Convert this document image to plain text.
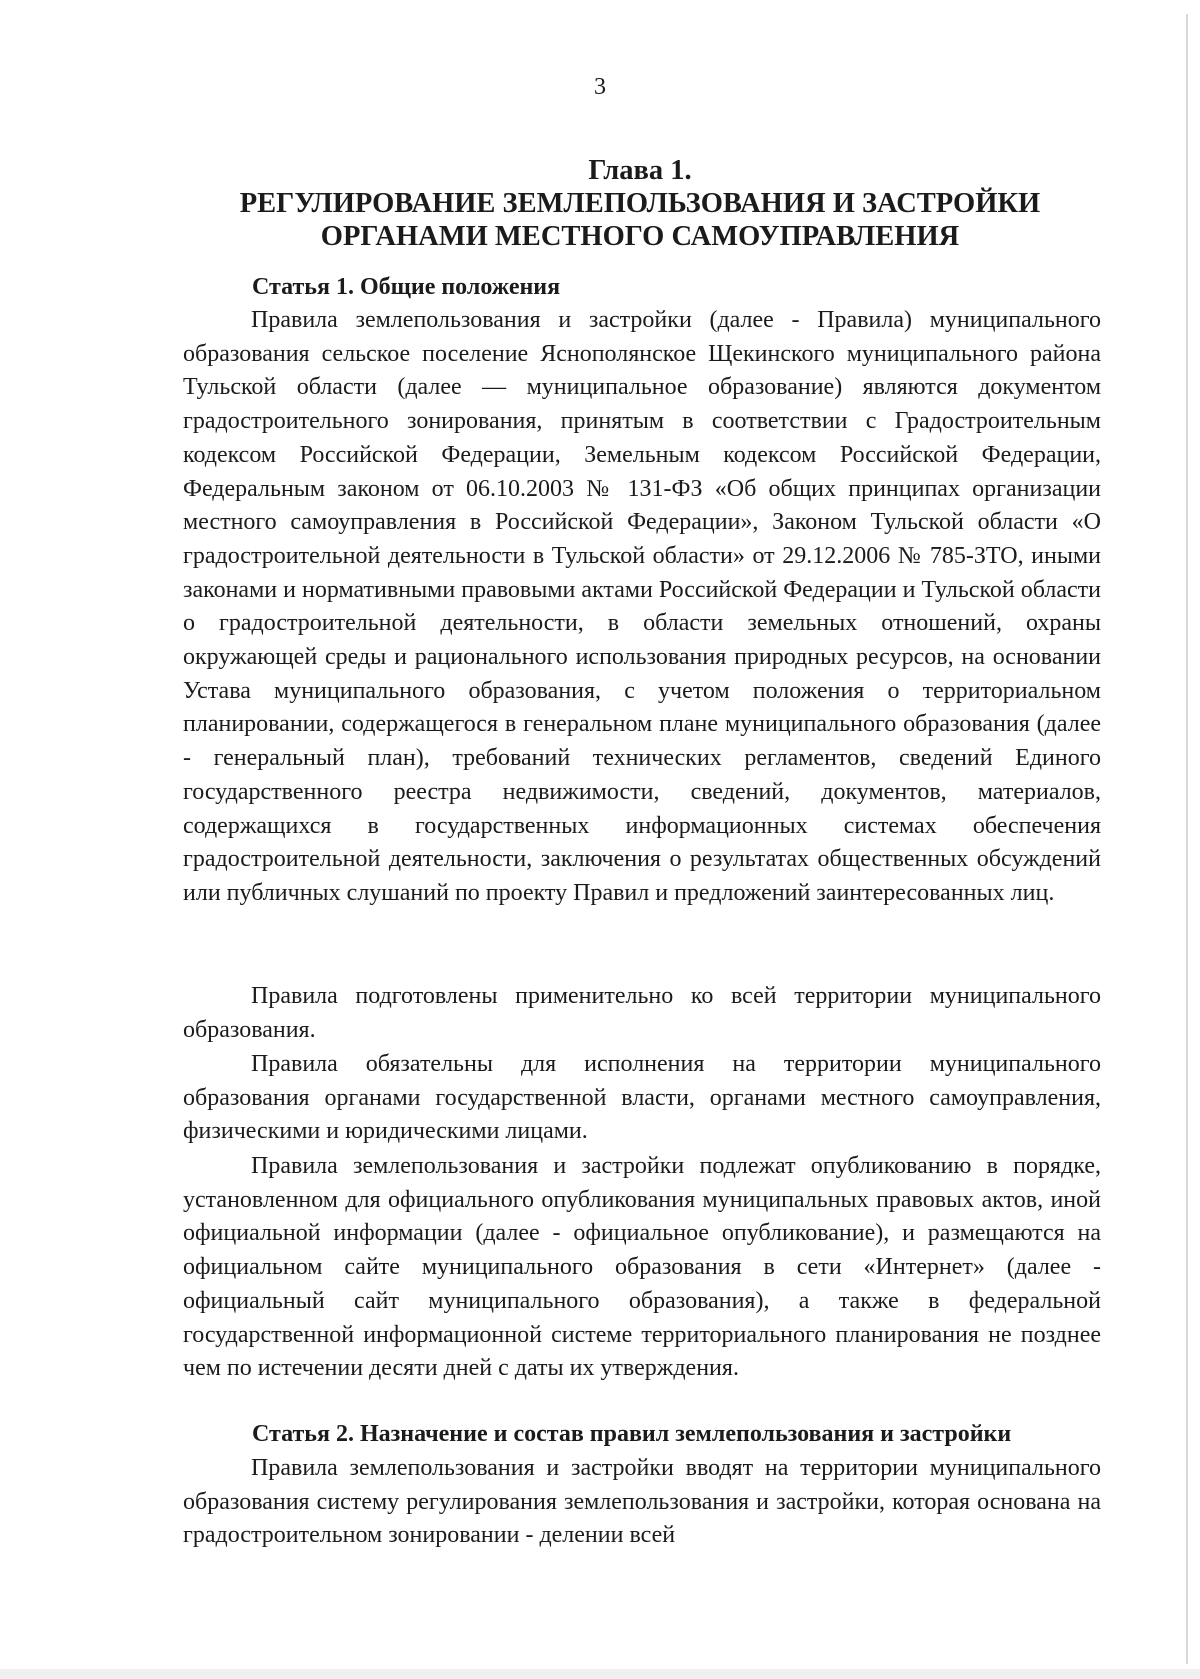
3
Глава 1.
РЕГУЛИРОВАНИЕ ЗЕМЛЕПОЛЬЗОВАНИЯ И ЗАСТРОЙКИ
ОРГАНАМИ МЕСТНОГО САМОУПРАВЛЕНИЯ
Статья 1. Общие положения
Правила землепользования и застройки (далее - Правила) муниципального образования сельское поселение Яснополянское Щекинского муниципального района Тульской области (далее — муниципальное образование) являются документом градостроительного зонирования, принятым в соответствии с Градостроительным кодексом Российской Федерации, Земельным кодексом Российской Федерации, Федеральным законом от 06.10.2003 № 131-ФЗ «Об общих принципах организации местного самоуправления в Российской Федерации», Законом Тульской области «О градостроительной деятельности в Тульской области» от 29.12.2006 № 785-ЗТО, иными законами и нормативными правовыми актами Российской Федерации и Тульской области о градостроительной деятельности, в области земельных отношений, охраны окружающей среды и рационального использования природных ресурсов, на основании Устава муниципального образования, с учетом положения о территориальном планировании, содержащегося в генеральном плане муниципального образования (далее - генеральный план), требований технических регламентов, сведений Единого государственного реестра недвижимости, сведений, документов, материалов, содержащихся в государственных информационных системах обеспечения градостроительной деятельности, заключения о результатах общественных обсуждений или публичных слушаний по проекту Правил и предложений заинтересованных лиц.
Правила подготовлены применительно ко всей территории муниципального образования.
Правила обязательны для исполнения на территории муниципального образования органами государственной власти, органами местного самоуправления, физическими и юридическими лицами.
Правила землепользования и застройки подлежат опубликованию в порядке, установленном для официального опубликования муниципальных правовых актов, иной официальной информации (далее - официальное опубликование), и размещаются на официальном сайте муниципального образования в сети «Интернет» (далее - официальный сайт муниципального образования), а также в федеральной государственной информационной системе территориального планирования не позднее чем по истечении десяти дней с даты их утверждения.
Статья 2. Назначение и состав правил землепользования и застройки
Правила землепользования и застройки вводят на территории муниципального образования систему регулирования землепользования и застройки, которая основана на градостроительном зонировании - делении всей
